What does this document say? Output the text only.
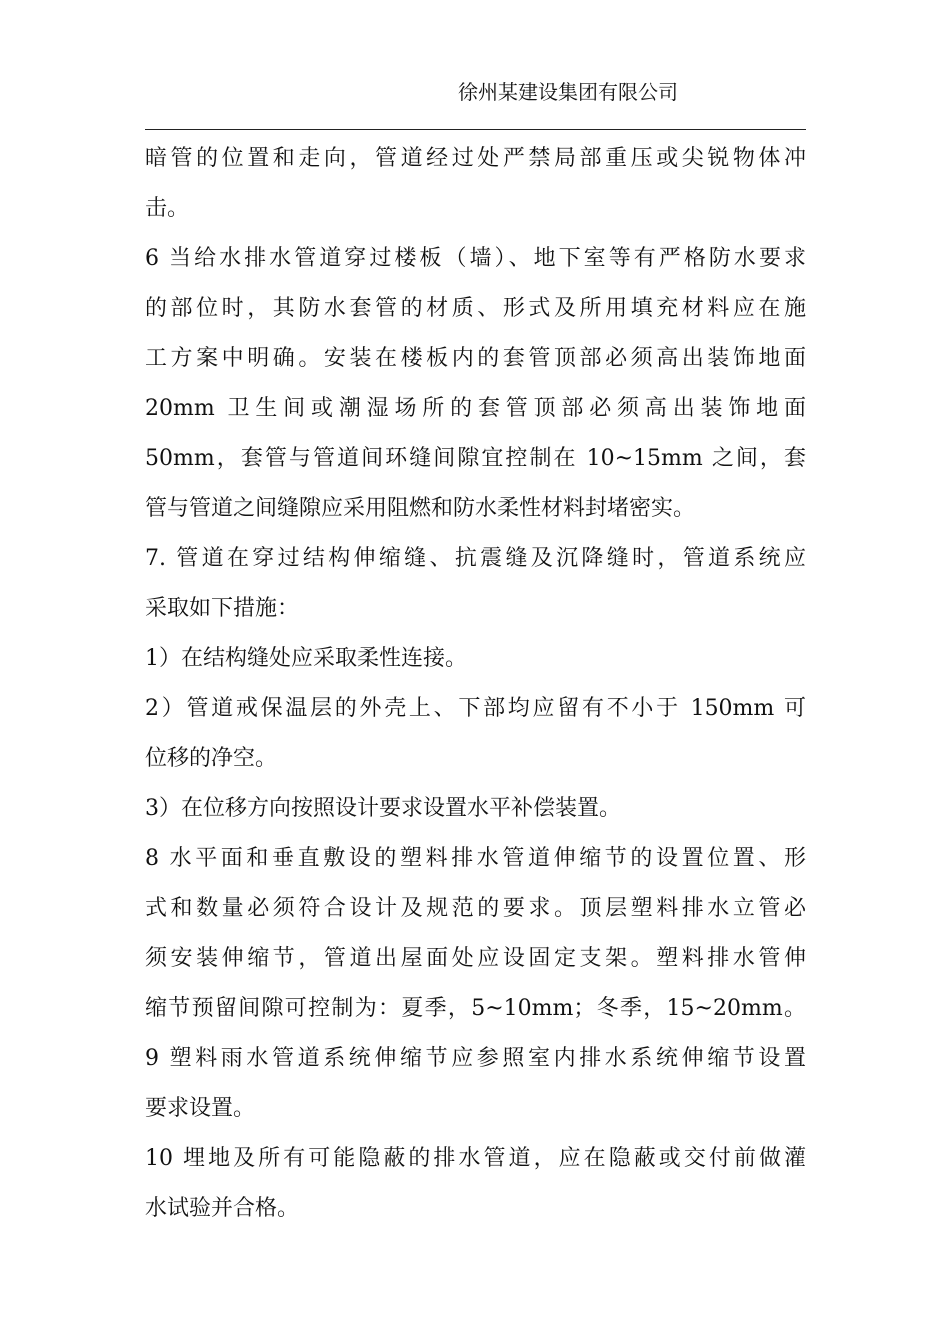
徐州某建设集团有限公司
暗管的位置和走向，管道经过处严禁局部重压或尖锐物体冲
击。
6 当给水排水管道穿过楼板（墙）、地下室等有严格防水要求
的部位时，其防水套管的材质、形式及所用填充材料应在施
工方案中明确。安装在楼板内的套管顶部必须高出装饰地面
20mm 卫生间或潮湿场所的套管顶部必须高出装饰地面
50mm，套管与管道间环缝间隙宜控制在 10~15mm 之间，套
管与管道之间缝隙应采用阻燃和防水柔性材料封堵密实。
7. 管道在穿过结构伸缩缝、抗震缝及沉降缝时，管道系统应
采取如下措施：
1）在结构缝处应采取柔性连接。
2）管道戒保温层的外壳上、下部均应留有不小于 150mm 可
位移的净空。
3）在位移方向按照设计要求设置水平补偿装置。
8 水平面和垂直敷设的塑料排水管道伸缩节的设置位置、形
式和数量必须符合设计及规范的要求。顶层塑料排水立管必
须安装伸缩节，管道出屋面处应设固定支架。塑料排水管伸
缩节预留间隙可控制为：夏季，5~10mm；冬季，15~20mm。
9 塑料雨水管道系统伸缩节应参照室内排水系统伸缩节设置
要求设置。
10 埋地及所有可能隐蔽的排水管道，应在隐蔽或交付前做灌
水试验并合格。
